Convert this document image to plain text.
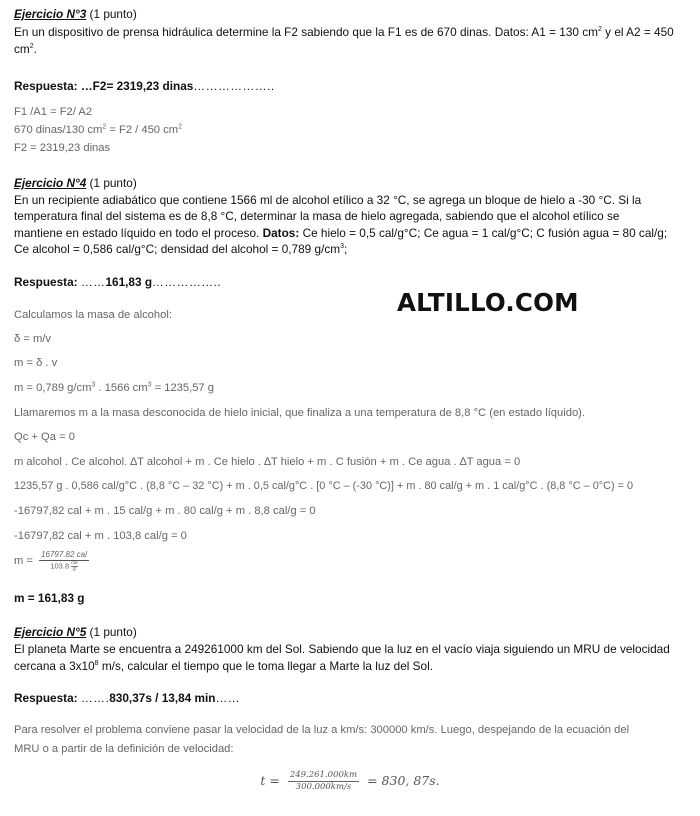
Ejercicio N°3 (1 punto)
En un dispositivo de prensa hidráulica determine la F2 sabiendo que la F1 es de 670 dinas. Datos: A1 = 130 $cm^2$ y el A2 = 450
$cm^2$.
Respuesta: …F2= 2319,23 dinas………………..
F1 /A1 = F2/ A2
670 dinas/130 $cm^2 = F2 / 450$ $cm^2$
F2 = 2319,23 dinas
Ejercicio N°4 (1 punto)
En un recipiente adiabático que contiene 1566 ml de alcohol etílico a 32 °C, se agrega un bloque de hielo a -30 °C. Si la
temperatura final del sistema es de 8,8 °C, determinar la masa de hielo agregada, sabiendo que el alcohol etílico se
mantiene en estado líquido en todo el proceso. Datos: Ce hielo = 0,5 cal/g°C; Ce agua = 1 cal/g°C; C fusión agua = 80 cal/g;
Ce alcohol = 0,586 cal/g°C; densidad del alcohol = 0,789 $g/cm^3$;
Respuesta: ……161,83 g……………..
ALTILLO.COM
Calculamos la masa de alcohol:
δ = m/v
m = δ . v
m = 0,789 $g/cm^3$ . 1566 $cm^3 = 1235,57$ g
Llamaremos m a la masa desconocida de hielo inicial, que finaliza a una temperatura de 8,8 °C (en estado líquido).
Qc + Qa = 0
m alcohol . Ce alcohol. ∆T alcohol + m . Ce hielo . ∆T hielo + m . C fusión + m . Ce agua . ∆T agua = 0
1235,57 g . 0,586 cal/g°C . (8,8 °C – 32 °C) + m . 0,5 cal/g°C . [0 °C – (-30 °C)] + m . 80 cal/g + m . 1 cal/g°C . (8,8 °C – 0°C) = 0
-16797,82 cal + m . 15 cal/g + m . 80 cal/g + m . 8,8 cal/g = 0
-16797,82 cal + m . 103,8 cal/g = 0
m = 16797.82 cal
103.8 cal
g
m = 161,83 g
Ejercicio N°5 (1 punto)
El planeta Marte se encuentra a 249261000 km del Sol. Sabiendo que la luz en el vacío viaja siguiendo un MRU de velocidad
cercana a $3x10^8$ m/s, calcular el tiempo que le toma llegar a Marte la luz del Sol.
Respuesta: …….830,37s / 13,84 min……
Para resolver el problema conviene pasar la velocidad de la luz a km/s: 300000 km/s. Luego, despejando de la ecuación del
MRU o a partir de la definición de velocidad:
$t = \frac{249.261.000km}{300.000km/s} = 830$, 87s.
